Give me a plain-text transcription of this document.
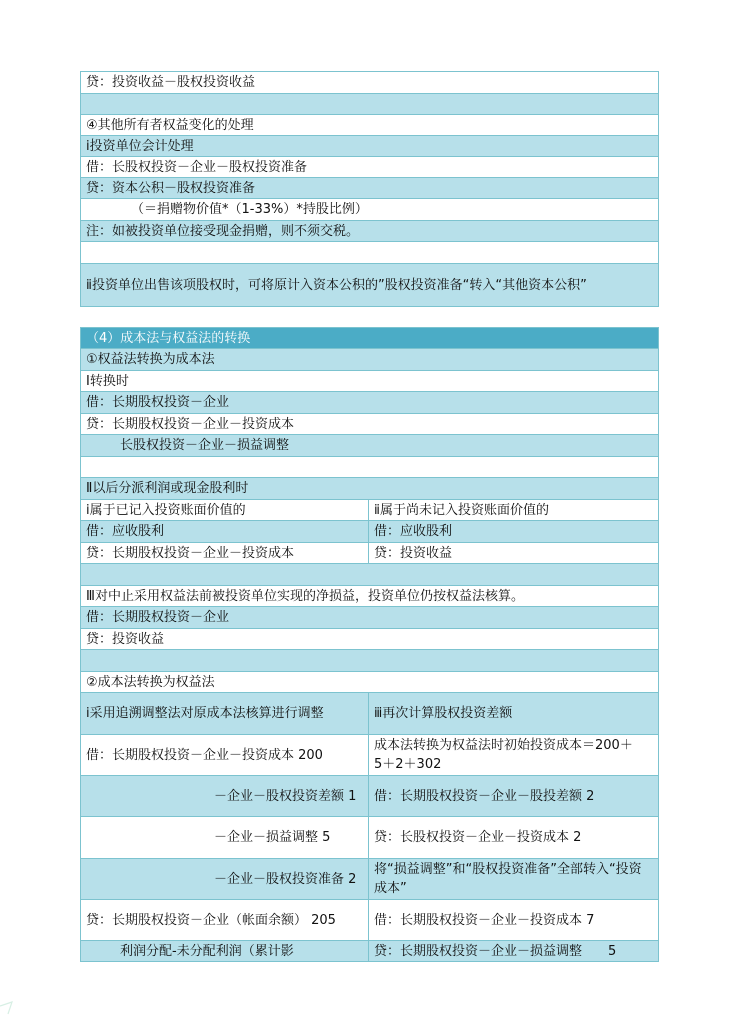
贷：投资收益－股权投资收益

④其他所有者权益变化的处理
ⅰ投资单位会计处理
借：长股权投资－企业－股权投资准备
贷：资本公积－股权投资准备
（＝捐赠物价值*（1-33%）*持股比例）
注：如被投资单位接受现金捐赠，则不须交税。

ⅱ投资单位出售该项股权时，可将原计入资本公积的”股权投资准备“转入“其他资本公积”
（4）成本法与权益法的转换	
①权益法转换为成本法	
Ⅰ转换时	
借：长期股权投资－企业	
贷：长期股权投资－企业－投资成本	
长股权投资－企业－损益调整	

Ⅱ以后分派利润或现金股利时	
ⅰ属于已记入投资账面价值的	ⅱ属于尚未记入投资账面价值的
借：应收股利	借：应收股利
贷：长期股权投资－企业－投资成本	贷：投资收益

Ⅲ对中止采用权益法前被投资单位实现的净损益，投资单位仍按权益法核算。	
借：长期股权投资－企业	
贷：投资收益	

②成本法转换为权益法	
ⅰ采用追溯调整法对原成本法核算进行调整	ⅲ再次计算股权投资差额
借：长期股权投资－企业－投资成本 200	成本法转换为权益法时初始投资成本＝200＋5＋2＋302
－企业－股权投资差额 1	借：长期股权投资－企业－股投差额 2
－企业－损益调整 5	贷：长股权投资－企业－投资成本 2
－企业－股权投资准备 2	将“损益调整”和“股权投资准备”全部转入“投资成本”
贷：长期股权投资－企业（帐面余额） 205	借：长期股权投资－企业－投资成本 7
利润分配-未分配利润（累计影	贷：长期股权投资－企业－损益调整　　5
